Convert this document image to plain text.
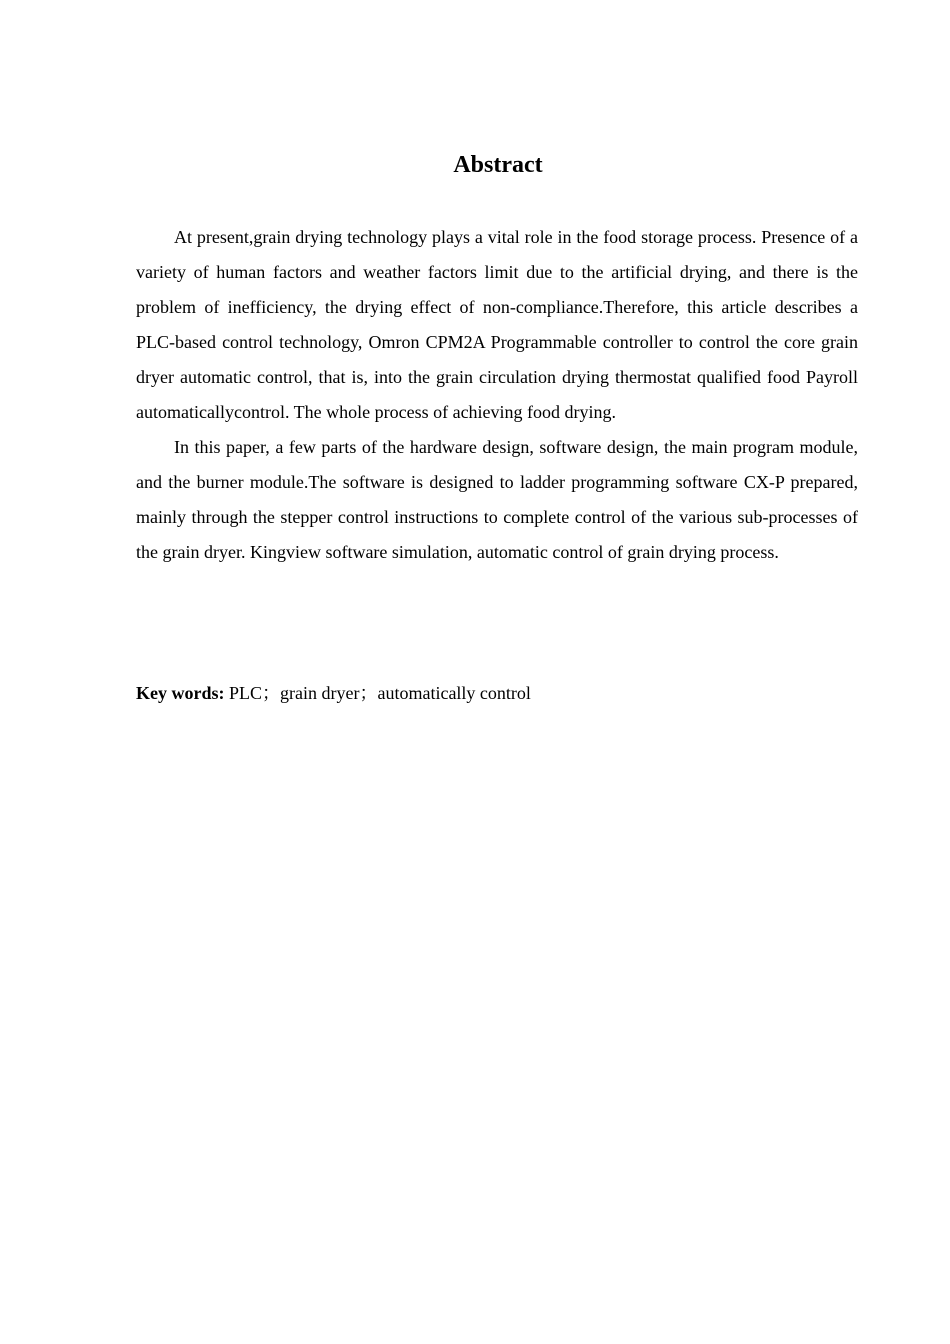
Abstract

At present,grain drying technology plays a vital role in the food storage process. Presence of a variety of human factors and weather factors limit due to the artificial drying, and there is the problem of inefficiency, the drying effect of non-compliance.Therefore, this article describes a PLC-based control technology, Omron CPM2A Programmable controller to control the core grain dryer automatic control, that is, into the grain circulation drying thermostat qualified food Payroll automaticallycontrol. The whole process of achieving food drying.

In this paper, a few parts of the hardware design, software design, the main program module, and the burner module.The software is designed to ladder programming software CX-P prepared, mainly through the stepper control instructions to complete control of the various sub-processes of the grain dryer. Kingview software simulation, automatic control of grain drying process.

Key words: PLC；grain dryer；automatically control
